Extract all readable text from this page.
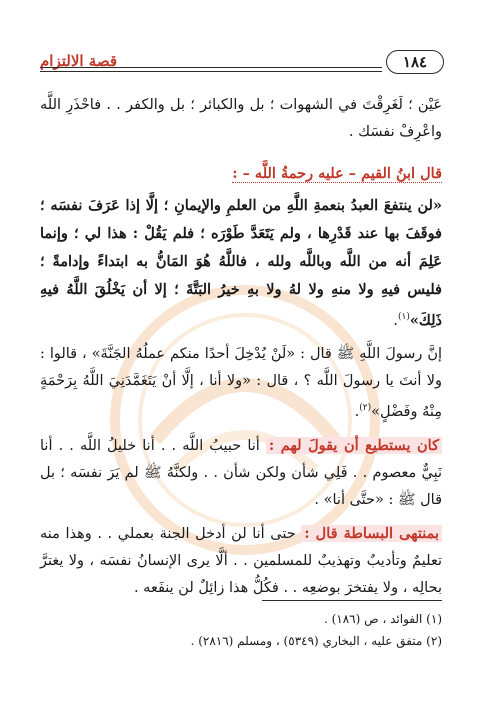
قصة الالتزام	١٨٤

عَيْن ؛ لَغَرِقْتَ في الشهوات ؛ بل والكبائر ؛ بل والكفر . . فاحْذَرِ اللَّه واعْرِفْ نفسَك .

قال ابنُ القيم – عليه رحمةُ اللَّه – :

«لن ينتفعَ العبدُ بنعمةِ اللَّهِ من العلمِ والإيمانِ ؛ إلَّا إذا عَرَفَ نفسَه ؛ فوقَفَ بها عند قَدْرِها ، ولم يَتَعَدَّ طَوْرَه ؛ فلم يَقُلْ : هذا لي ؛ وإنما عَلِمَ أنه من اللَّه وباللَّه ولله ، فاللَّهُ هُوَ المَانُّ به ابتداءً وإدامةً ؛ فليس فيهِ ولا منهِ ولا لهُ ولا بهِ خيرُ البَتَّةَ ؛ إلا أن يَخْلُقَ اللَّهُ فيهِ ذَلِكَ»$^{(١)}$.

إنَّ رسولَ اللَّهِ ﷺ قال : «لَنْ يُدْخِلَ أحدًا منكم عملُهُ الجَنَّةَ» ، قالوا : ولا أنتَ يا رسولَ اللَّه ؟ ، قال : «ولا أنا ، إلَّا أنْ يَتَغَمَّدَنِيَ اللَّهُ بِرَحْمَةٍ مِنْهُ وفَضْلٍ»$^{(٢)}$.

كان يستطيع أن يقولَ لهم : أنا حبيبُ اللَّه . . أنا خليلُ اللَّه . . أنا نَبِيٌّ معصوم . . فَلِي شأن ولكن شأن . . ولكنَّهُ ﷺ لم يَرَ نفسَه ؛ بل قال ﷺ : «حتَّى أنا» .

بمنتهى البساطة قال : حتى أنا لن أدخل الجنة بعملي . . وهذا منه تعليمٌ وتأديبٌ وتهذيبٌ للمسلمين . . ألَّا يرى الإنسانُ نفسَه ، ولا يغترَّ بحالِه ، ولا يفتخرَ بوضعِه . . فكُلُّ هذا زائِلٌ لن ينفَعه .

(١) الفوائد ، ص (١٨٦) .
(٢) متفق عليه ، البخاري (٥٣٤٩) ، ومسلم (٢٨١٦) .
